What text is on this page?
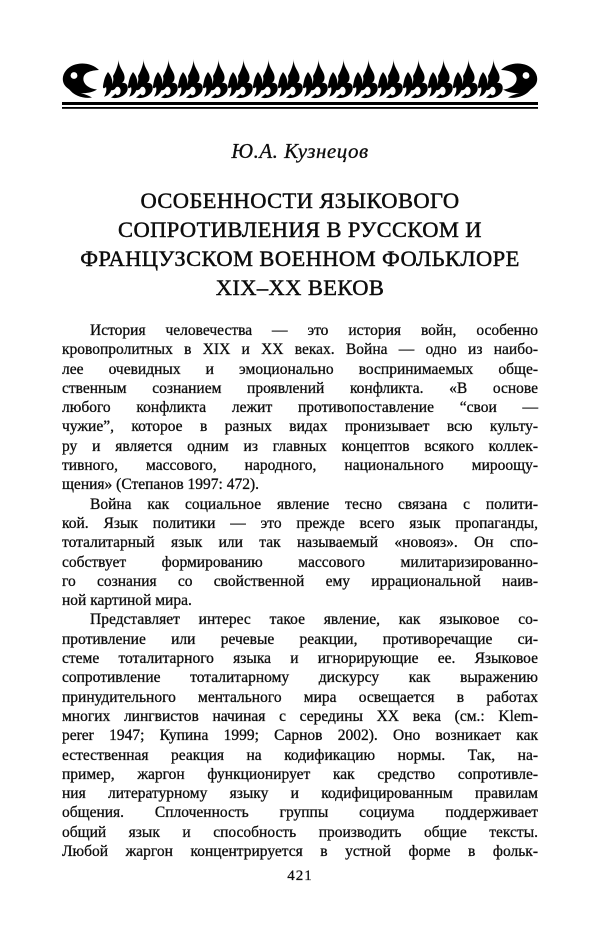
Ю.А. Кузнецов
ОСОБЕННОСТИ ЯЗЫКОВОГО
СОПРОТИВЛЕНИЯ В РУССКОМ И
ФРАНЦУЗСКОМ ВОЕННОМ ФОЛЬКЛОРЕ
XIX–XX ВЕКОВ
История человечества — это история войн, особенно
кровопролитных в XIX и XX веках. Война — одно из наибо-
лее очевидных и эмоционально воспринимаемых обще-
ственным сознанием проявлений конфликта. «В основе
любого конфликта лежит противопоставление “свои —
чужие”, которое в разных видах пронизывает всю культу-
ру и является одним из главных концептов всякого коллек-
тивного, массового, народного, национального мироощу-
щения» (Степанов 1997: 472).
Война как социальное явление тесно связана с полити-
кой. Язык политики — это прежде всего язык пропаганды,
тоталитарный язык или так называемый «новояз». Он спо-
собствует формированию массового милитаризированно-
го сознания со свойственной ему иррациональной наив-
ной картиной мира.
Представляет интерес такое явление, как языковое со-
противление или речевые реакции, противоречащие си-
стеме тоталитарного языка и игнорирующие ее. Языковое
сопротивление тоталитарному дискурсу как выражению
принудительного ментального мира освещается в работах
многих лингвистов начиная с середины XX века (см.: Klem-
perer 1947; Купина 1999; Сарнов 2002). Оно возникает как
естественная реакция на кодификацию нормы. Так, на-
пример, жаргон функционирует как средство сопротивле-
ния литературному языку и кодифицированным правилам
общения. Сплоченность группы социума поддерживает
общий язык и способность производить общие тексты.
Любой жаргон концентрируется в устной форме в фольк-
421
